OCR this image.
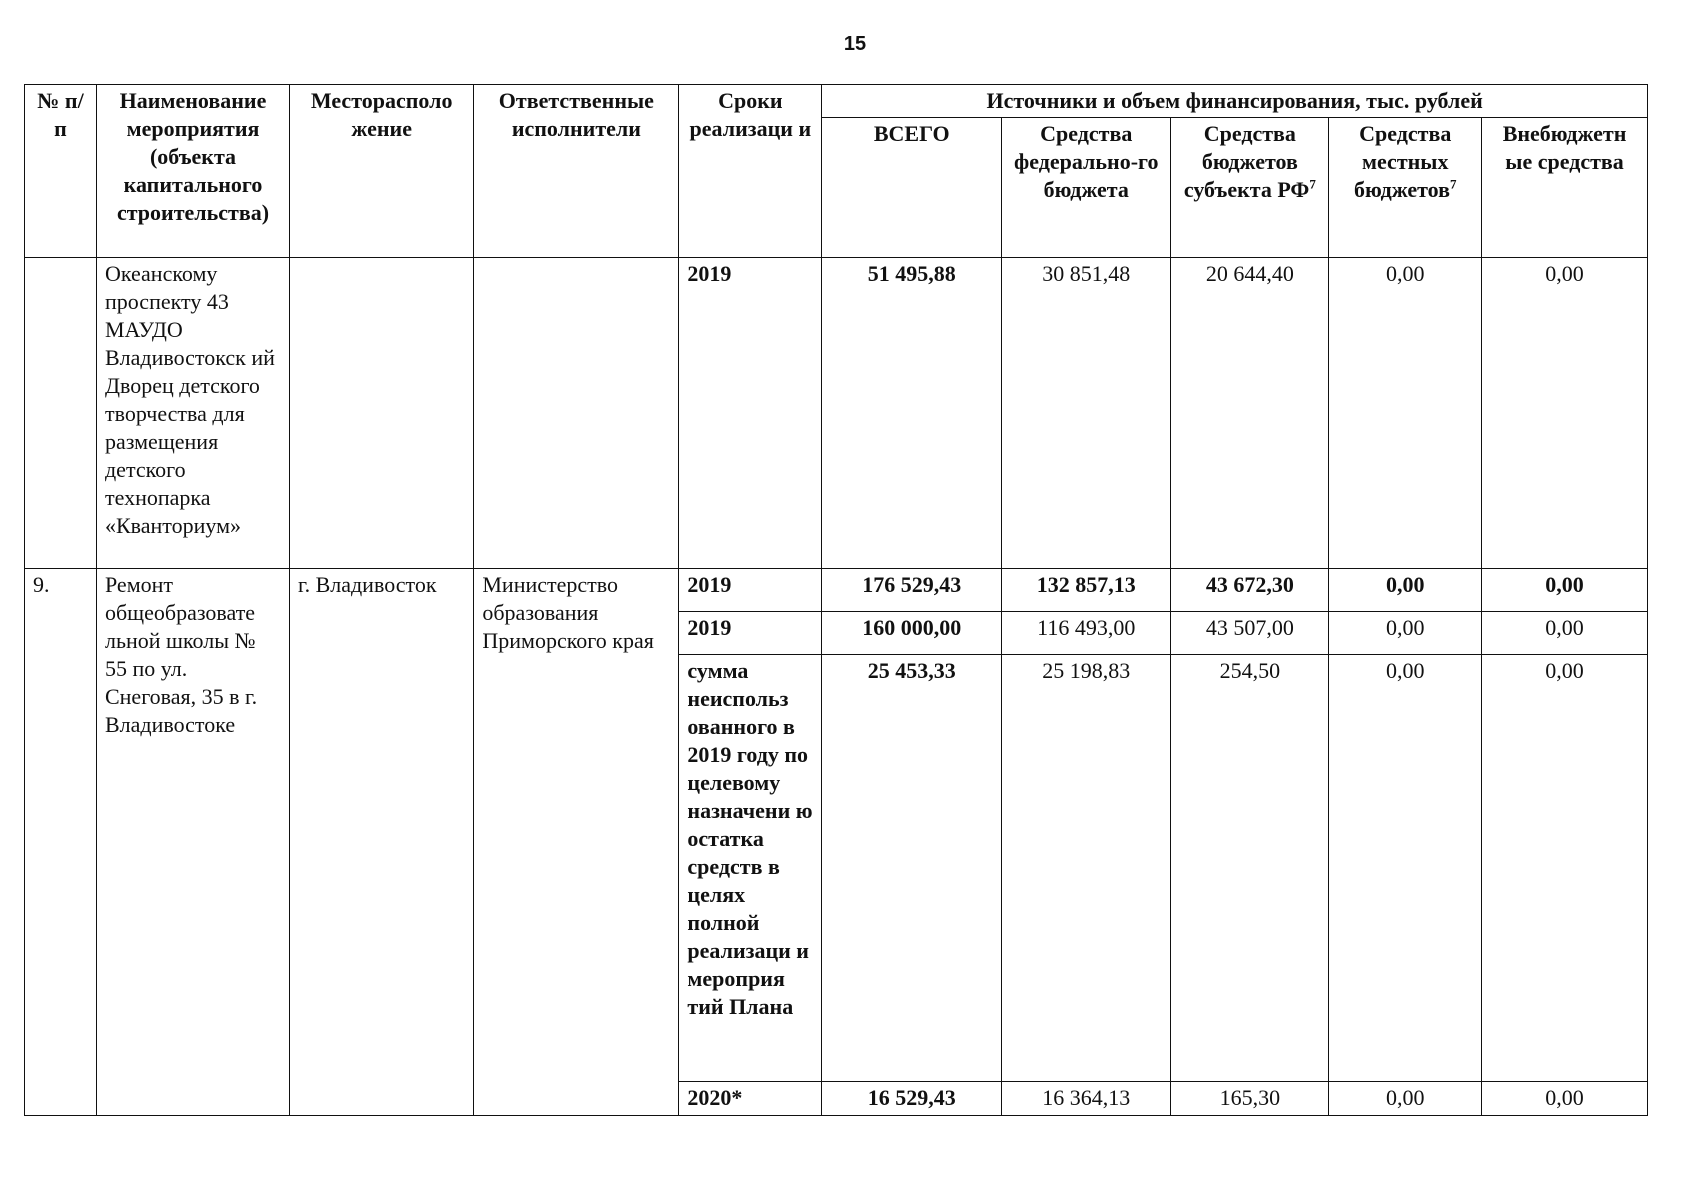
15
№ п/п	Наименование мероприятия (объекта капитального строительства)	Месторасполо жение	Ответственные исполнители	Сроки реализаци и	Источники и объем финансирования, тыс. рублей				
					ВСЕГО	Средства федерально-го бюджета	Средства бюджетов субъекта $РФ^7$	Средства местных бюджетов$^7$	Внебюджетн ые средства
	Океанскому проспекту 43 МАУДО Владивостокск ий Дворец детского творчества для размещения детского технопарка «Кванториум»			2019	51 495,88	30 851,48	20 644,40	0,00	0,00
9.	Ремонт общеобразовате льной школы № 55 по ул. Снеговая, 35 в г. Владивостоке	г. Владивосток	Министерство образования Приморского края	2019	176 529,43	132 857,13	43 672,30	0,00	0,00
				2019	160 000,00	116 493,00	43 507,00	0,00	0,00
				сумма неиспольз ованного в 2019 году по целевому назначени ю остатка средств в целях полной реализаци и мероприя тий Плана	25 453,33	25 198,83	254,50	0,00	0,00
				2020*	16 529,43	16 364,13	165,30	0,00	0,00
